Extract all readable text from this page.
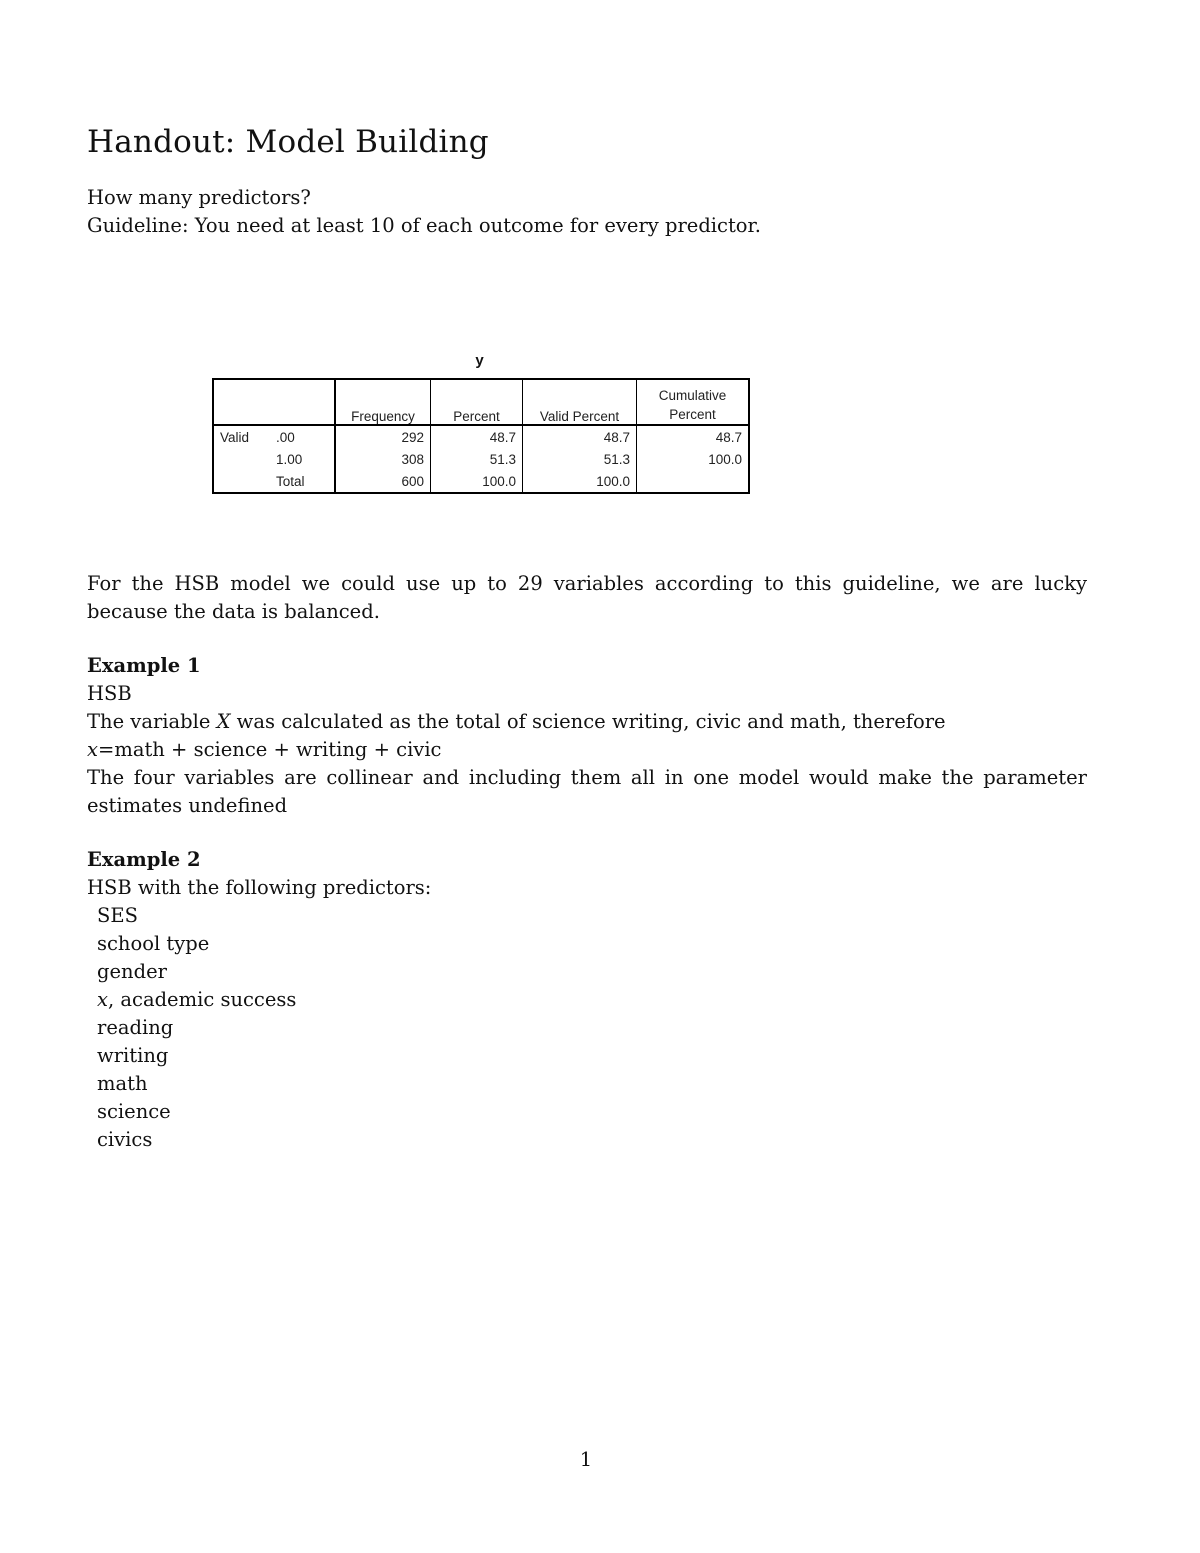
Handout: Model Building
How many predictors?
Guideline: You need at least 10 of each outcome for every predictor.
y
		Frequency	Percent	Valid Percent	Cumulative
Percent
Valid	.00	292	48.7	48.7	48.7
	1.00	308	51.3	51.3	100.0
	Total	600	100.0	100.0	
For the HSB model we could use up to 29 variables according to this guideline, we are lucky because the data is balanced.
Example 1
HSB
The variable X was calculated as the total of science writing, civic and math, therefore
x=math + science + writing + civic
The four variables are collinear and including them all in one model would make the parameter estimates undefined
Example 2
HSB with the following predictors:
SES
school type
gender
x, academic success
reading
writing
math
science
civics
1
